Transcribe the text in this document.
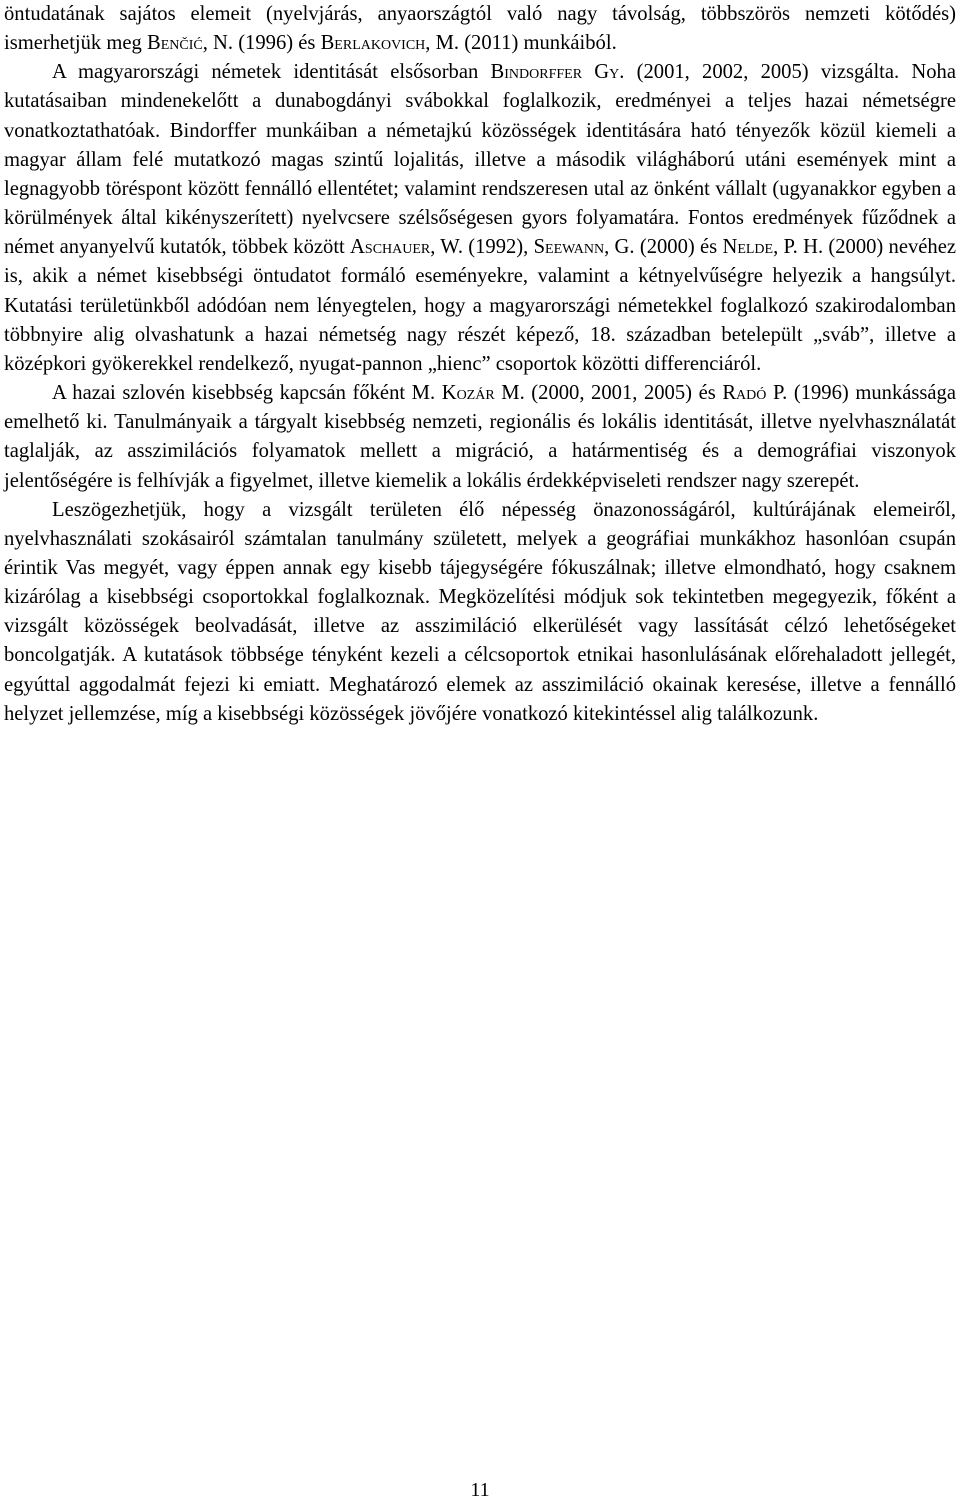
öntudatának sajátos elemeit (nyelvjárás, anyaországtól való nagy távolság, többszörös nemzeti kötődés) ismerhetjük meg Benčić, N. (1996) és Berlakovich, M. (2011) munkáiból.

A magyarországi németek identitását elsősorban Bindorffer Gy. (2001, 2002, 2005) vizsgálta. Noha kutatásaiban mindenekelőtt a dunabogdányi svábokkal foglalkozik, eredményei a teljes hazai németségre vonatkoztathatóak. Bindorffer munkáiban a németajkú közösségek identitására ható tényezők közül kiemeli a magyar állam felé mutatkozó magas szintű lojalitás, illetve a második világháború utáni események mint a legnagyobb töréspont között fennálló ellentétet; valamint rendszeresen utal az önként vállalt (ugyanakkor egyben a körülmények által kikényszerített) nyelvcsere szélsőségesen gyors folyamatára. Fontos eredmények fűződnek a német anyanyelvű kutatók, többek között Aschauer, W. (1992), Seewann, G. (2000) és Nelde, P. H. (2000) nevéhez is, akik a német kisebbségi öntudatot formáló eseményekre, valamint a kétnyelvűségre helyezik a hangsúlyt. Kutatási területünkből adódóan nem lényegtelen, hogy a magyarországi németekkel foglalkozó szakirodalomban többnyire alig olvashatunk a hazai németség nagy részét képező, 18. században betelepült „sváb”, illetve a középkori gyökerekkel rendelkező, nyugat-pannon „hienc” csoportok közötti differenciáról.

A hazai szlovén kisebbség kapcsán főként M. Kozár M. (2000, 2001, 2005) és Radó P. (1996) munkássága emelhető ki. Tanulmányaik a tárgyalt kisebbség nemzeti, regionális és lokális identitását, illetve nyelvhasználatát taglalják, az asszimilációs folyamatok mellett a migráció, a határmentiség és a demográfiai viszonyok jelentőségére is felhívják a figyelmet, illetve kiemelik a lokális érdekképviseleti rendszer nagy szerepét.

Leszögezhetjük, hogy a vizsgált területen élő népesség önazonosságáról, kultúrájának elemeiről, nyelvhasználati szokásairól számtalan tanulmány született, melyek a geográfiai munkákhoz hasonlóan csupán érintik Vas megyét, vagy éppen annak egy kisebb tájegységére fókuszálnak; illetve elmondható, hogy csaknem kizárólag a kisebbségi csoportokkal foglalkoznak. Megközelítési módjuk sok tekintetben megegyezik, főként a vizsgált közösségek beolvadását, illetve az asszimiláció elkerülését vagy lassítását célzó lehetőségeket boncolgatják. A kutatások többsége tényként kezeli a célcsoportok etnikai hasonlulásának előrehaladott jellegét, egyúttal aggodalmát fejezi ki emiatt. Meghatározó elemek az asszimiláció okainak keresése, illetve a fennálló helyzet jellemzése, míg a kisebbségi közösségek jövőjére vonatkozó kitekintéssel alig találkozunk.

11
